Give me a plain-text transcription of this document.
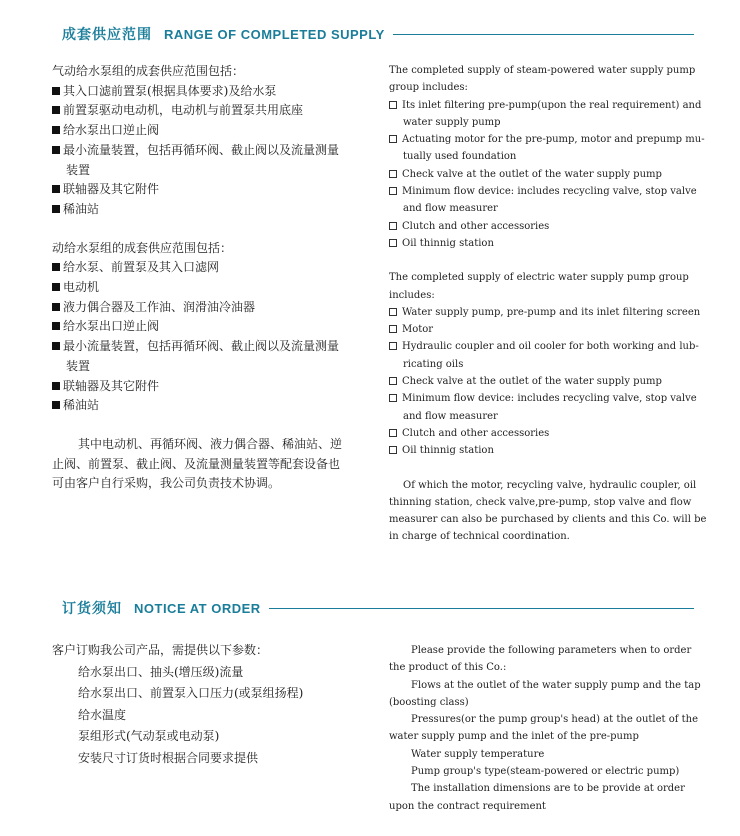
成套供应范围 RANGE OF COMPLETED SUPPLY
气动给水泵组的成套供应范围包括：
其入口滤前置泵(根据具体要求)及给水泵
前置泵驱动电动机，电动机与前置泵共用底座
给水泵出口逆止阀
最小流量装置，包括再循环阀、截止阀以及流量测量
装置
联轴器及其它附件
稀油站
动给水泵组的成套供应范围包括：
给水泵、前置泵及其入口滤网
电动机
液力偶合器及工作油、润滑油冷油器
给水泵出口逆止阀
最小流量装置，包括再循环阀、截止阀以及流量测量
装置
联轴器及其它附件
稀油站
其中电动机、再循环阀、液力偶合器、稀油站、逆
止阀、前置泵、截止阀、及流量测量装置等配套设备也
可由客户自行采购，我公司负责技术协调。
The completed supply of steam-powered water supply pump
group includes:
Its inlet filtering pre-pump(upon the real requirement) and
water supply pump
Actuating motor for the pre-pump, motor and prepump mu-
tually used foundation
Check valve at the outlet of the water supply pump
Minimum flow device: includes recycling valve, stop valve
and flow measurer
Clutch and other accessories
Oil thinnig station
The completed supply of electric water supply pump group
includes:
Water supply pump, pre-pump and its inlet filtering screen
Motor
Hydraulic coupler and oil cooler for both working and lub-
ricating oils
Check valve at the outlet of the water supply pump
Minimum flow device: includes recycling valve, stop valve
and flow measurer
Clutch and other accessories
Oil thinnig station
Of which the motor, recycling valve, hydraulic coupler, oil
thinning station, check valve,pre-pump, stop valve and flow
measurer can also be purchased by clients and this Co. will be
in charge of technical coordination.
订货须知 NOTICE AT ORDER
客户订购我公司产品，需提供以下参数：
给水泵出口、抽头(增压级)流量
给水泵出口、前置泵入口压力(或泵组扬程)
给水温度
泵组形式(气动泵或电动泵)
安装尺寸订货时根据合同要求提供
Please provide the following parameters when to order
the product of this Co.:
Flows at the outlet of the water supply pump and the tap
(boosting class)
Pressures(or the pump group's head) at the outlet of the
water supply pump and the inlet of the pre-pump
Water supply temperature
Pump group's type(steam-powered or electric pump)
The installation dimensions are to be provide at order
upon the contract requirement
